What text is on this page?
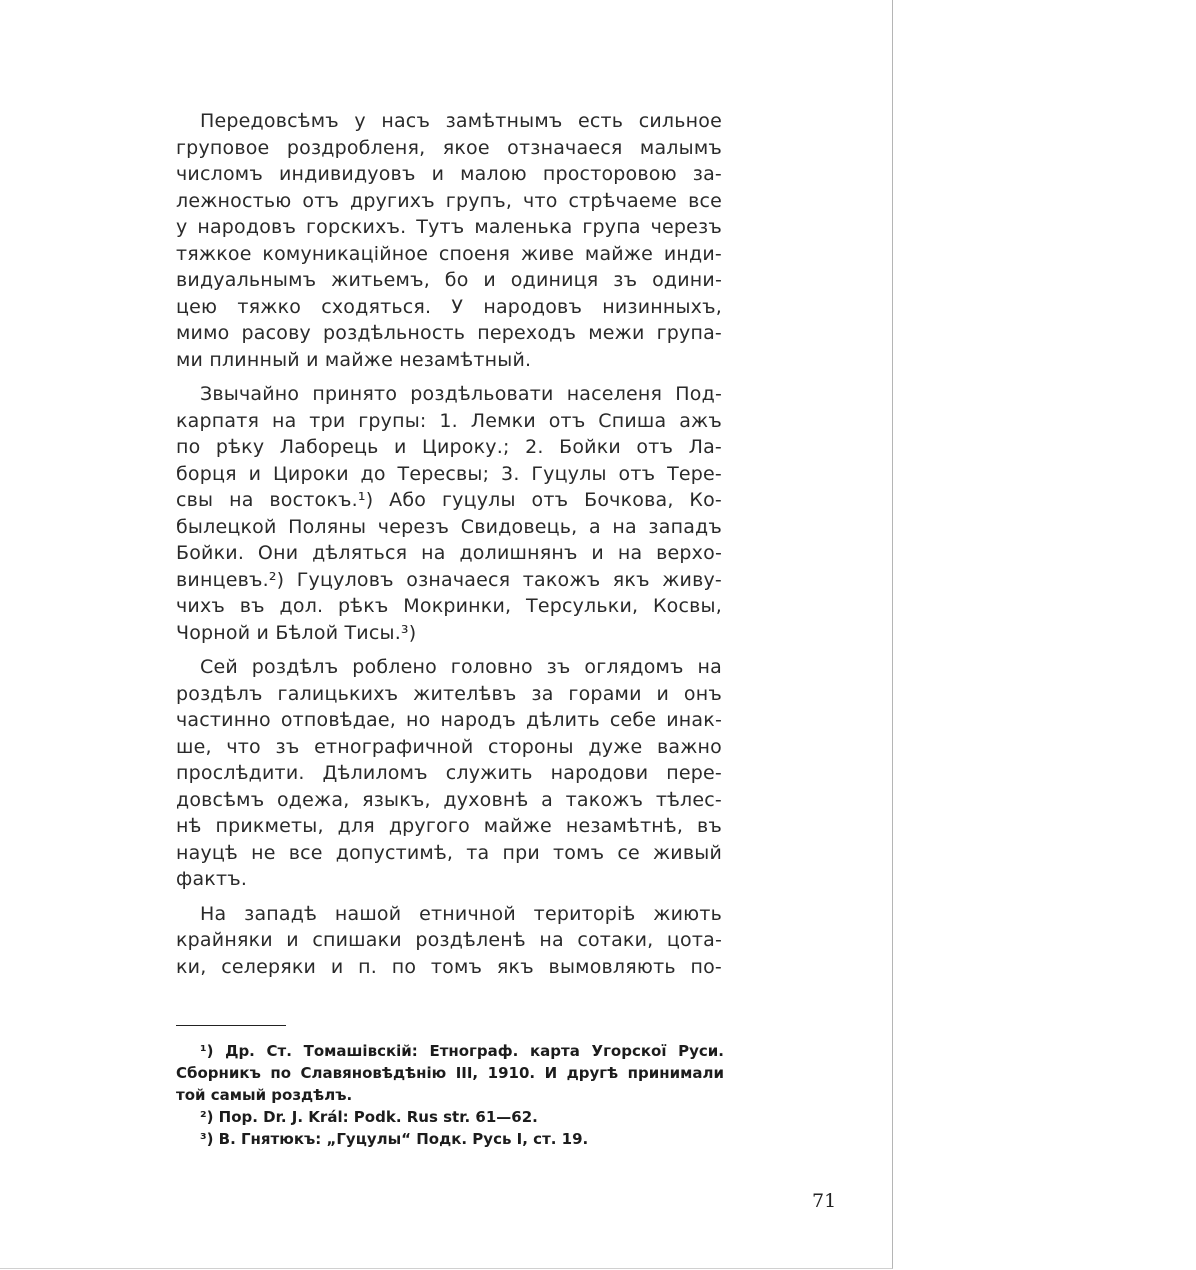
Передовсѣмъ у насъ замѣтнымъ есть сильное
груповое роздробленя, якое отзначаеся малымъ
числомъ индивидуовъ и малою просторовою за-
лежностью отъ другихъ групъ, что стрѣчаеме все
у народовъ горскихъ. Тутъ маленька група черезъ
тяжкое комуникацiйное споеня живе майже инди-
видуальнымъ житьемъ, бо и одиниця зъ одини-
цею тяжко сходяться. У народовъ низинныхъ,
мимо расову роздѣльность переходъ межи групa-
ми плинный и майже незамѣтный.

Звычайно принято роздѣльовати населеня Под-
карпатя на три групы: 1. Лемки отъ Спиша ажъ
по рѣку Лаборець и Цироку.; 2. Бойки отъ Ла-
борця и Цироки до Тересвы; 3. Гуцулы отъ Тере-
свы на востокъ.¹) Або гуцулы отъ Бочкова, Ко-
былецкой Поляны черезъ Свидовець, а на западъ
Бойки. Они дѣляться на долишнянъ и на верхо-
винцевъ.²) Гуцуловъ означаеся такожъ якъ живу-
чихъ въ дол. рѣкъ Мокринки, Терсульки, Косвы,
Чорной и Бѣлой Тисы.³)

Сей роздѣлъ роблено головно зъ оглядомъ на
роздѣлъ галицькихъ жителѣвъ за горами и онъ
частинно отповѣдае, но народъ дѣлить себе инак-
ше, что зъ етнографичной стороны дуже важно
прослѣдити. Дѣлиломъ служить народови пере-
довсѣмъ одежа, языкъ, духовнѣ а такожъ тѣлес-
нѣ прикметы, для другого майже незамѣтнѣ, въ
науцѣ не все допустимѣ, та при томъ се живый
фактъ.

На западѣ нашой етничной територiѣ жиють
крайняки и спишаки роздѣленѣ на сотаки, цота-
ки, селеряки и п. по томъ якъ вымовляють по-

¹) Др. Ст. Томашiвскiй: Етнограф. карта Угорскої Руси.
Сборникъ по Славяновѣдѣнiю III, 1910. И другѣ принимали
той самый роздѣлъ.
²) Пор. Dr. J. Král: Podk. Rus str. 61—62.
³) В. Гнятюкъ: „Гуцулы“ Подк. Русь I, ст. 19.
71
